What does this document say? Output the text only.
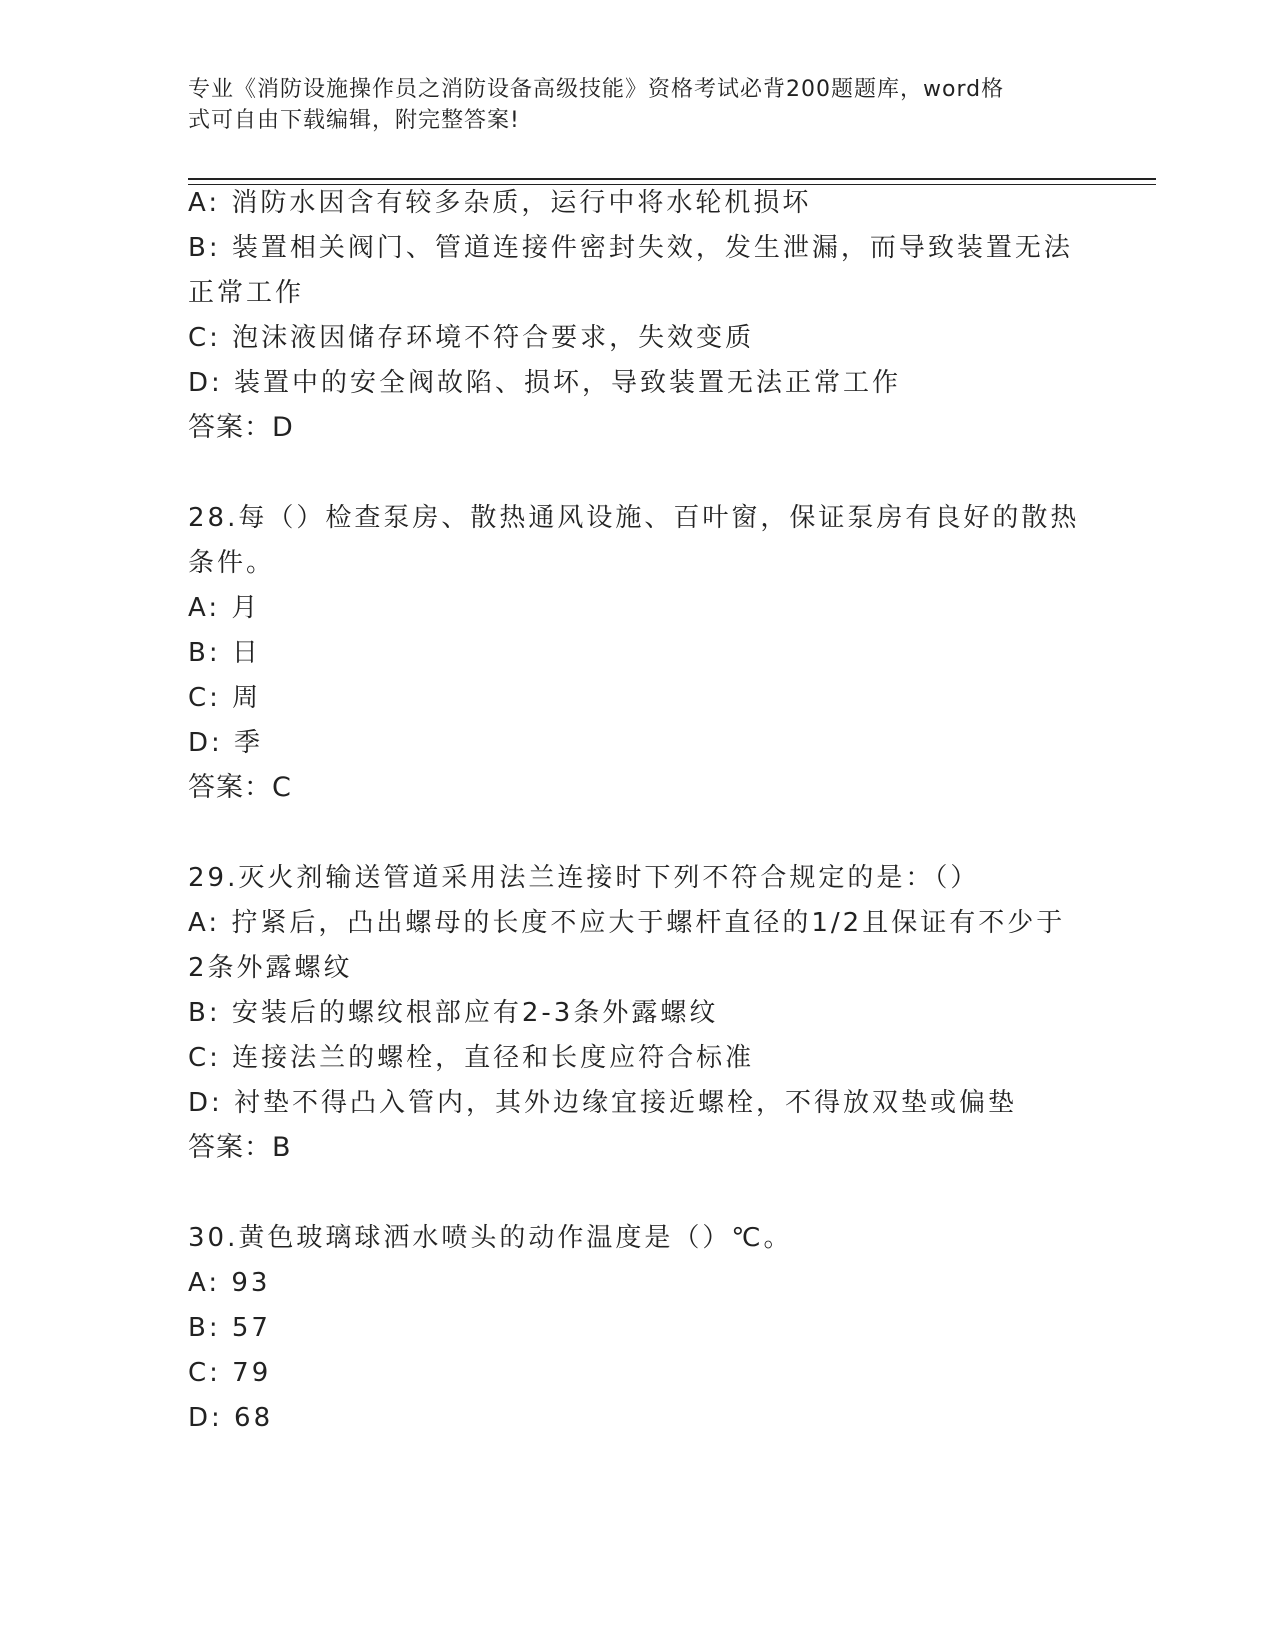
专业《消防设施操作员之消防设备高级技能》资格考试必背200题题库，word格
式可自由下载编辑，附完整答案!
A: 消防水因含有较多杂质，运行中将水轮机损坏
B: 装置相关阀门、管道连接件密封失效，发生泄漏，而导致装置无法
正常工作
C: 泡沫液因储存环境不符合要求，失效变质
D: 装置中的安全阀故陷、损坏，导致装置无法正常工作
答案：D
28.每（）检查泵房、散热通风设施、百叶窗，保证泵房有良好的散热
条件。
A: 月
B: 日
C: 周
D: 季
答案：C
29.灭火剂输送管道采用法兰连接时下列不符合规定的是：（）
A: 拧紧后，凸出螺母的长度不应大于螺杆直径的1/2且保证有不少于
2条外露螺纹
B: 安装后的螺纹根部应有2-3条外露螺纹
C: 连接法兰的螺栓，直径和长度应符合标准
D: 衬垫不得凸入管内，其外边缘宜接近螺栓，不得放双垫或偏垫
答案：B
30.黄色玻璃球洒水喷头的动作温度是（）℃。
A: 93
B: 57
C: 79
D: 68
